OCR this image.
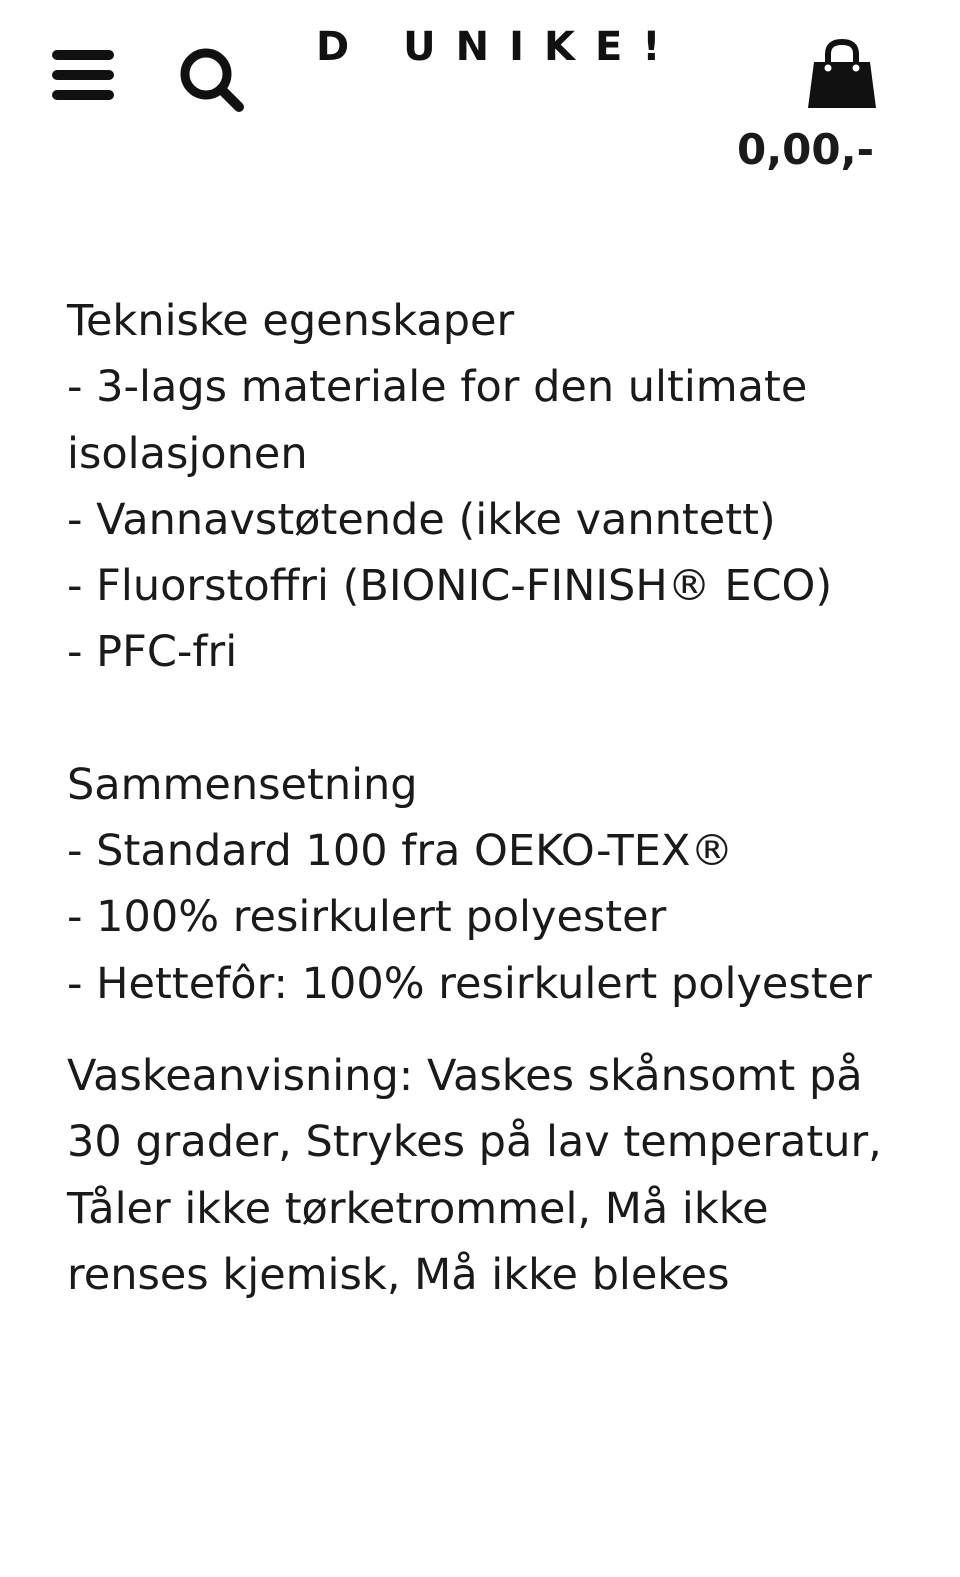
D UNIKE!
0,00,-

Tekniske egenskaper

- 3-lags materiale for den ultimate isolasjonen

- Vannavstøtende (ikke vanntett)

- Fluorstoffri (BIONIC-FINISH® ECO)

- PFC-fri

Sammensetning

- Standard 100 fra OEKO-TEX®

- 100% resirkulert polyester

- Hettefôr: 100% resirkulert polyester

Vaskeanvisning: Vaskes skånsomt på 30 grader, Strykes på lav temperatur, Tåler ikke tørketrommel, Må ikke renses kjemisk, Må ikke blekes
